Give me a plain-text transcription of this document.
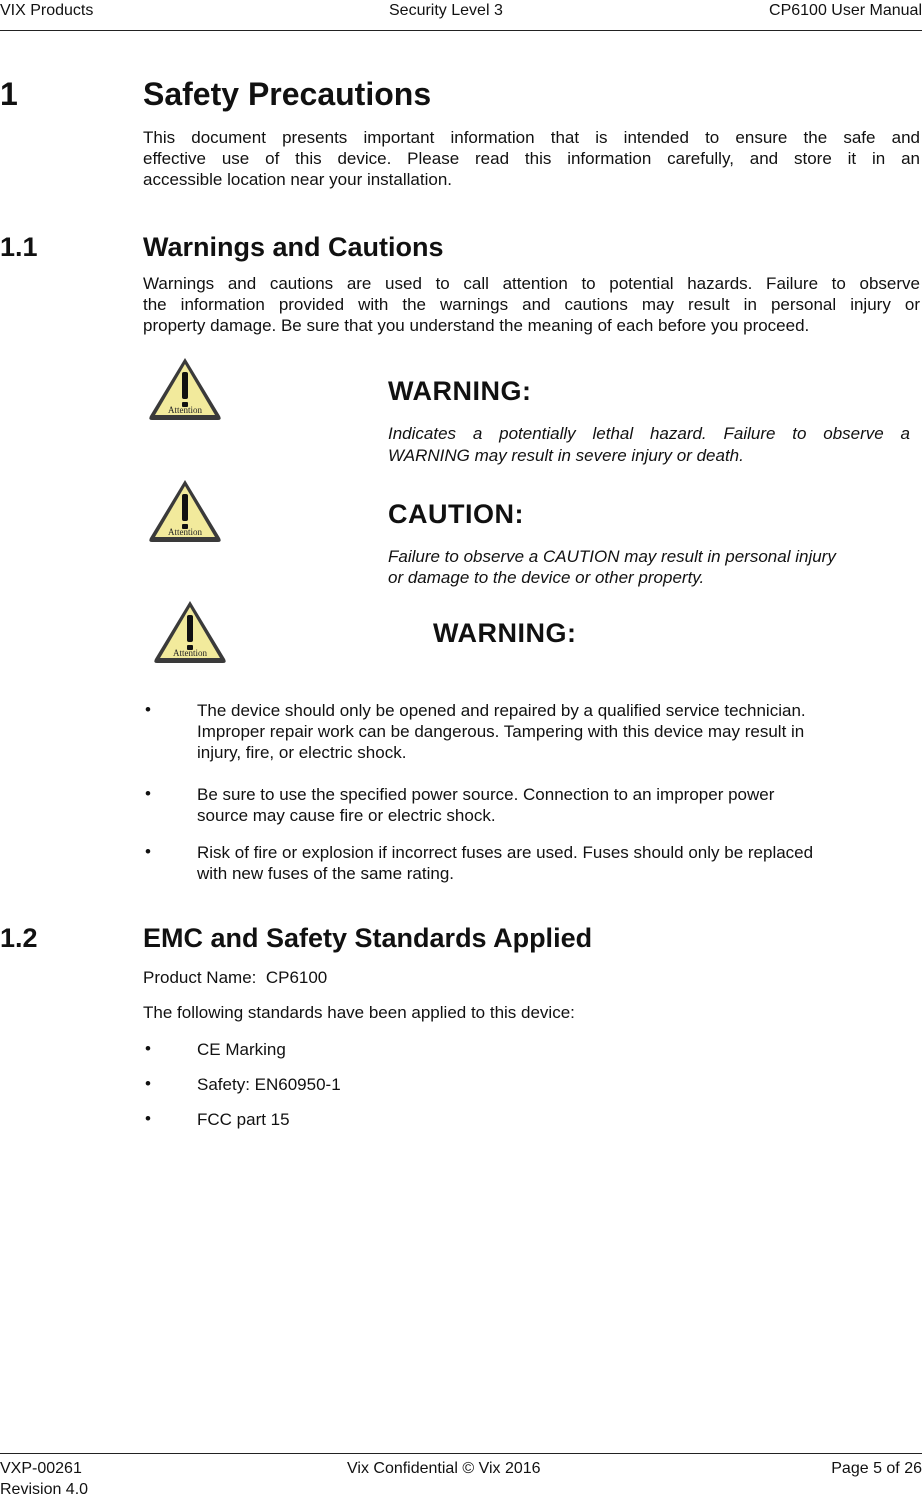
VIX Products	Security Level 3	CP6100 User Manual
1	Safety Precautions
This document presents important information that is intended to ensure the safe and
effective use of this device. Please read this information carefully, and store it in an
accessible location near your installation.
1.1	Warnings and Cautions
Warnings and cautions are used to call attention to potential hazards. Failure to observe
the information provided with the warnings and cautions may result in personal injury or
property damage. Be sure that you understand the meaning of each before you proceed.
Attention
WARNING:
Indicates a potentially lethal hazard. Failure to observe a
WARNING may result in severe injury or death.
Attention
CAUTION:
Failure to observe a CAUTION may result in personal injury
or damage to the device or other property.
Attention
WARNING:
•	The device should only be opened and repaired by a qualified service technician.
Improper repair work can be dangerous. Tampering with this device may result in
injury, fire, or electric shock.
•	Be sure to use the specified power source. Connection to an improper power
source may cause fire or electric shock.
•	Risk of fire or explosion if incorrect fuses are used. Fuses should only be replaced
with new fuses of the same rating.
1.2	EMC and Safety Standards Applied
Product Name:  CP6100
The following standards have been applied to this device:
•	CE Marking
•	Safety: EN60950-1
•	FCC part 15
VXP-00261
Revision 4.0
Vix Confidential © Vix 2016	Page 5 of 26
